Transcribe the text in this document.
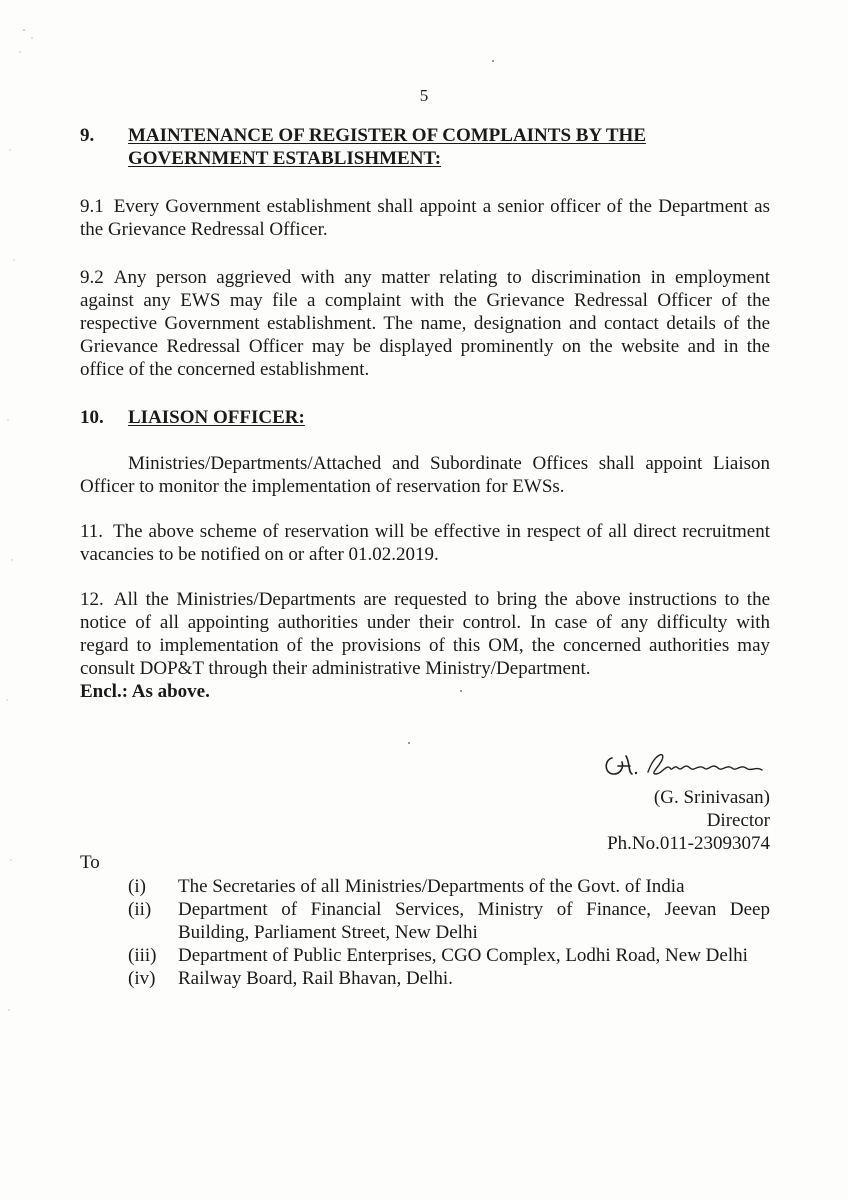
5
9.	MAINTENANCE OF REGISTER OF COMPLAINTS BY THE GOVERNMENT ESTABLISHMENT:

9.1 Every Government establishment shall appoint a senior officer of the Department as the Grievance Redressal Officer.

9.2 Any person aggrieved with any matter relating to discrimination in employment against any EWS may file a complaint with the Grievance Redressal Officer of the respective Government establishment. The name, designation and contact details of the Grievance Redressal Officer may be displayed prominently on the website and in the office of the concerned establishment.

10.	LIAISON OFFICER:

Ministries/Departments/Attached and Subordinate Offices shall appoint Liaison Officer to monitor the implementation of reservation for EWSs.

11. The above scheme of reservation will be effective in respect of all direct recruitment vacancies to be notified on or after 01.02.2019.

12. All the Ministries/Departments are requested to bring the above instructions to the notice of all appointing authorities under their control. In case of any difficulty with regard to implementation of the provisions of this OM, the concerned authorities may consult DOP&T through their administrative Ministry/Department.

Encl.: As above.

(G. Srinivasan)
Director
Ph.No.011-23093074
To
(i)	The Secretaries of all Ministries/Departments of the Govt. of India
(ii)	Department of Financial Services, Ministry of Finance, Jeevan Deep Building, Parliament Street, New Delhi
(iii)	Department of Public Enterprises, CGO Complex, Lodhi Road, New Delhi
(iv)	Railway Board, Rail Bhavan, Delhi.
